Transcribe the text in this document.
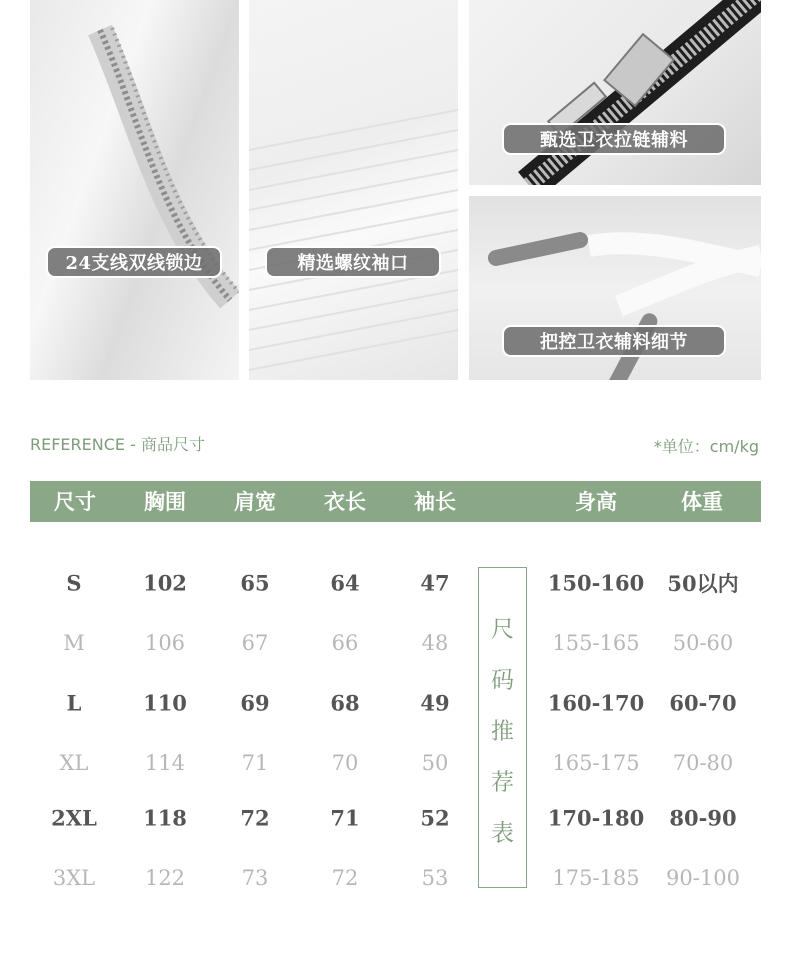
24支线双线锁边	精选螺纹袖口
甄选卫衣拉链辅料
把控卫衣辅料细节
REFERENCE - 商品尺寸	*单位：cm/kg
尺寸 胸围 肩宽 衣长 袖长	身高	体重
S	102	65	64	47	150-160 50以内
M	106	67	66	48	155-165 50-60
L	110	69	68	49	160-170 60-70
XL	114	71	70	50	165-175 70-80
2XL 118	72	71	52	170-180 80-90
3XL 122	73	72	53	175-185 90-100
尺
码
推
荐
表
